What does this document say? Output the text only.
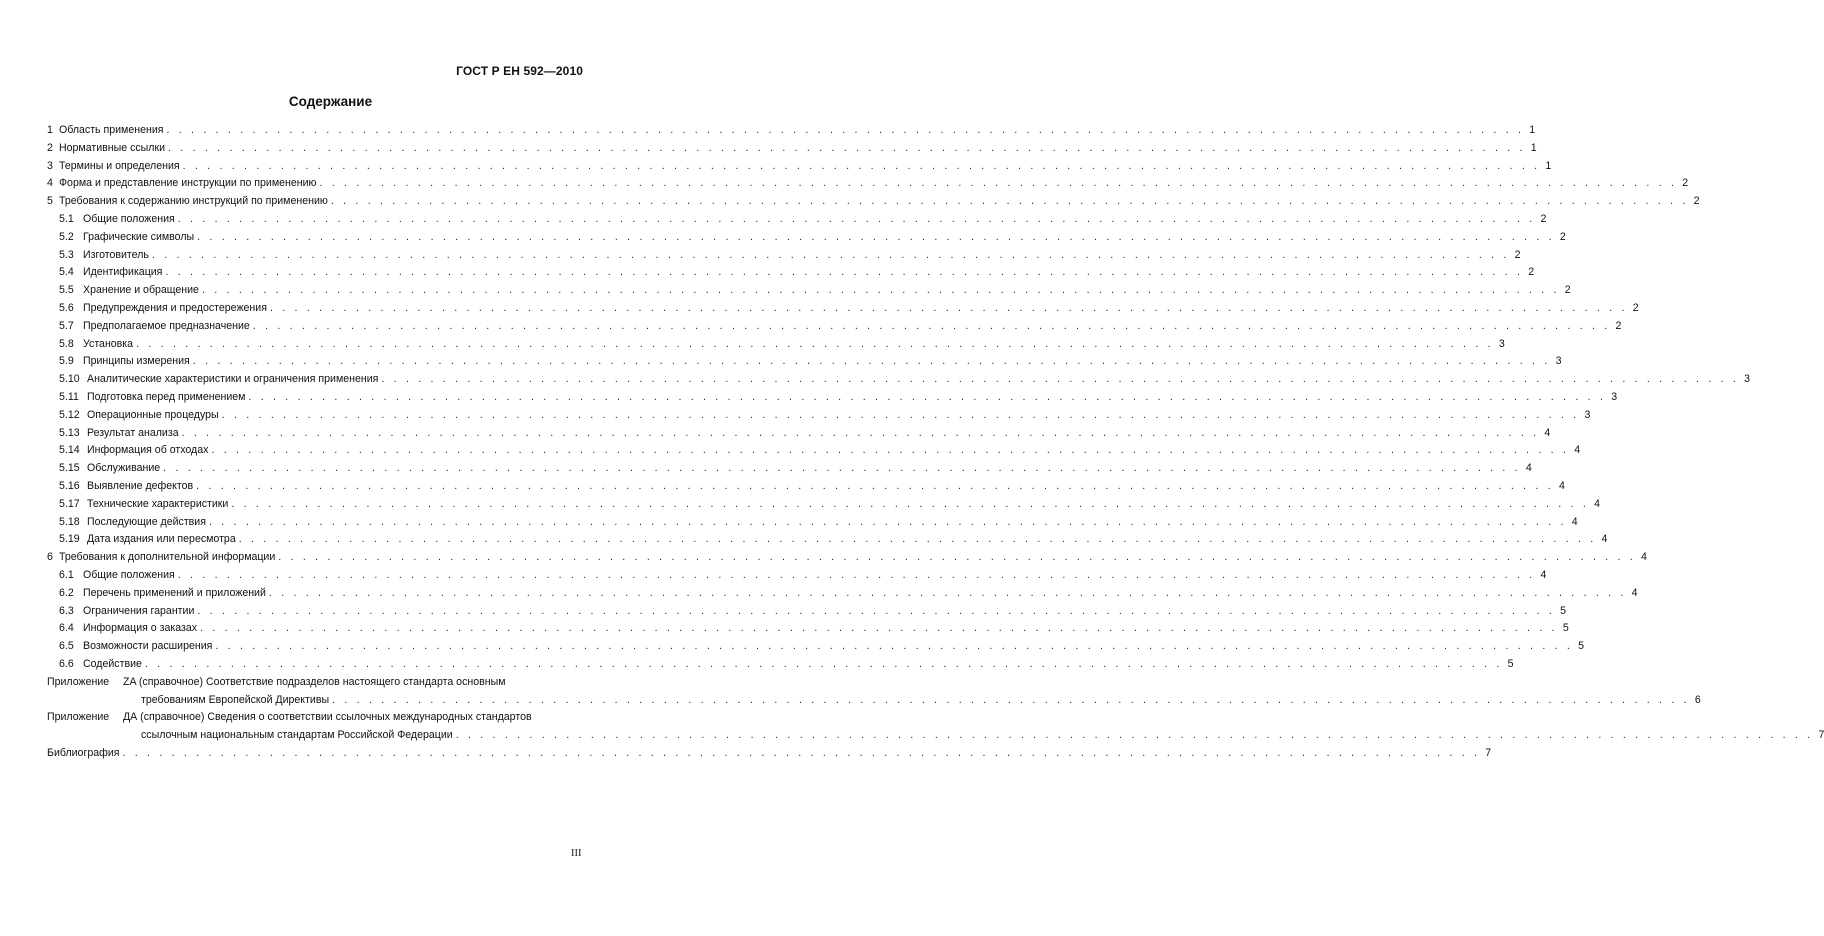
ГОСТ Р ЕН 592—2010
Содержание
1 Область применения . . . . . . . . . . . . . . . . . . . . . . . . . . . . . . . . . . . . . . . . . . . . . . . . . . . . . . . . . . . . . . . . . . . . . . . . . . . . . . . . . . . . . . . . . . . . . . . . . . . . . . . . . . . . . . . 1
2 Нормативные ссылки . . . . . . . . . . . . . . . . . . . . . . . . . . . . . . . . . . . . . . . . . . . . . . . . . . . . . . . . . . . . . . . . . . . . . . . . . . . . . . . . . . . . . . . . . . . . . . . . . . . . . . . . . . . . . . . 1
3 Термины и определения . . . . . . . . . . . . . . . . . . . . . . . . . . . . . . . . . . . . . . . . . . . . . . . . . . . . . . . . . . . . . . . . . . . . . . . . . . . . . . . . . . . . . . . . . . . . . . . . . . . . . . . . . . . . . . . 1
4 Форма и представление инструкции по применению . . . . . . . . . . . . . . . . . . . . . . . . . . . . . . . . . . . . . . . . . . . . . . . . . . . . . . . . . . . . . . . . . . . . . . . . . . . . . . . . . . . . . . . . . . . . . . . . . . . . . . . . . . . . . . . 2
5 Требования к содержанию инструкций по применению . . . . . . . . . . . . . . . . . . . . . . . . . . . . . . . . . . . . . . . . . . . . . . . . . . . . . . . . . . . . . . . . . . . . . . . . . . . . . . . . . . . . . . . . . . . . . . . . . . . . . . . . . . . . . . . 2
5.1 Общие положения . . . . . . . . . . . . . . . . . . . . . . . . . . . . . . . . . . . . . . . . . . . . . . . . . . . . . . . . . . . . . . . . . . . . . . . . . . . . . . . . . . . . . . . . . . . . . . . . . . . . . . . . . . . . . . . 2
5.2 Графические символы . . . . . . . . . . . . . . . . . . . . . . . . . . . . . . . . . . . . . . . . . . . . . . . . . . . . . . . . . . . . . . . . . . . . . . . . . . . . . . . . . . . . . . . . . . . . . . . . . . . . . . . . . . . . . . . 2
5.3 Изготовитель . . . . . . . . . . . . . . . . . . . . . . . . . . . . . . . . . . . . . . . . . . . . . . . . . . . . . . . . . . . . . . . . . . . . . . . . . . . . . . . . . . . . . . . . . . . . . . . . . . . . . . . . . . . . . . . 2
5.4 Идентификация . . . . . . . . . . . . . . . . . . . . . . . . . . . . . . . . . . . . . . . . . . . . . . . . . . . . . . . . . . . . . . . . . . . . . . . . . . . . . . . . . . . . . . . . . . . . . . . . . . . . . . . . . . . . . . . 2
5.5 Хранение и обращение . . . . . . . . . . . . . . . . . . . . . . . . . . . . . . . . . . . . . . . . . . . . . . . . . . . . . . . . . . . . . . . . . . . . . . . . . . . . . . . . . . . . . . . . . . . . . . . . . . . . . . . . . . . . . . . 2
5.6 Предупреждения и предостережения . . . . . . . . . . . . . . . . . . . . . . . . . . . . . . . . . . . . . . . . . . . . . . . . . . . . . . . . . . . . . . . . . . . . . . . . . . . . . . . . . . . . . . . . . . . . . . . . . . . . . . . . . . . . . . . 2
5.7 Предполагаемое предназначение . . . . . . . . . . . . . . . . . . . . . . . . . . . . . . . . . . . . . . . . . . . . . . . . . . . . . . . . . . . . . . . . . . . . . . . . . . . . . . . . . . . . . . . . . . . . . . . . . . . . . . . . . . . . . . . 2
5.8 Установка . . . . . . . . . . . . . . . . . . . . . . . . . . . . . . . . . . . . . . . . . . . . . . . . . . . . . . . . . . . . . . . . . . . . . . . . . . . . . . . . . . . . . . . . . . . . . . . . . . . . . . . . . . . . . . . 3
5.9 Принципы измерения . . . . . . . . . . . . . . . . . . . . . . . . . . . . . . . . . . . . . . . . . . . . . . . . . . . . . . . . . . . . . . . . . . . . . . . . . . . . . . . . . . . . . . . . . . . . . . . . . . . . . . . . . . . . . . . 3
5.10 Аналитические характеристики и ограничения применения . . . . . . . . . . . . . . . . . . . . . . . . . . . . . . . . . . . . . . . . . . . . . . . . . . . . . . . . . . . . . . . . . . . . . . . . . . . . . . . . . . . . . . . . . . . . . . . . . . . . . . . . . . . . . . . 3
5.11 Подготовка перед применением . . . . . . . . . . . . . . . . . . . . . . . . . . . . . . . . . . . . . . . . . . . . . . . . . . . . . . . . . . . . . . . . . . . . . . . . . . . . . . . . . . . . . . . . . . . . . . . . . . . . . . . . . . . . . . . 3
5.12 Операционные процедуры . . . . . . . . . . . . . . . . . . . . . . . . . . . . . . . . . . . . . . . . . . . . . . . . . . . . . . . . . . . . . . . . . . . . . . . . . . . . . . . . . . . . . . . . . . . . . . . . . . . . . . . . . . . . . . . 3
5.13 Результат анализа . . . . . . . . . . . . . . . . . . . . . . . . . . . . . . . . . . . . . . . . . . . . . . . . . . . . . . . . . . . . . . . . . . . . . . . . . . . . . . . . . . . . . . . . . . . . . . . . . . . . . . . . . . . . . . . 4
5.14 Информация об отходах . . . . . . . . . . . . . . . . . . . . . . . . . . . . . . . . . . . . . . . . . . . . . . . . . . . . . . . . . . . . . . . . . . . . . . . . . . . . . . . . . . . . . . . . . . . . . . . . . . . . . . . . . . . . . . . 4
5.15 Обслуживание . . . . . . . . . . . . . . . . . . . . . . . . . . . . . . . . . . . . . . . . . . . . . . . . . . . . . . . . . . . . . . . . . . . . . . . . . . . . . . . . . . . . . . . . . . . . . . . . . . . . . . . . . . . . . . . 4
5.16 Выявление дефектов . . . . . . . . . . . . . . . . . . . . . . . . . . . . . . . . . . . . . . . . . . . . . . . . . . . . . . . . . . . . . . . . . . . . . . . . . . . . . . . . . . . . . . . . . . . . . . . . . . . . . . . . . . . . . . . 4
5.17 Технические характеристики . . . . . . . . . . . . . . . . . . . . . . . . . . . . . . . . . . . . . . . . . . . . . . . . . . . . . . . . . . . . . . . . . . . . . . . . . . . . . . . . . . . . . . . . . . . . . . . . . . . . . . . . . . . . . . . 4
5.18 Последующие действия . . . . . . . . . . . . . . . . . . . . . . . . . . . . . . . . . . . . . . . . . . . . . . . . . . . . . . . . . . . . . . . . . . . . . . . . . . . . . . . . . . . . . . . . . . . . . . . . . . . . . . . . . . . . . . . 4
5.19 Дата издания или пересмотра . . . . . . . . . . . . . . . . . . . . . . . . . . . . . . . . . . . . . . . . . . . . . . . . . . . . . . . . . . . . . . . . . . . . . . . . . . . . . . . . . . . . . . . . . . . . . . . . . . . . . . . . . . . . . . . 4
6 Требования к дополнительной информации . . . . . . . . . . . . . . . . . . . . . . . . . . . . . . . . . . . . . . . . . . . . . . . . . . . . . . . . . . . . . . . . . . . . . . . . . . . . . . . . . . . . . . . . . . . . . . . . . . . . . . . . . . . . . . . 4
6.1 Общие положения . . . . . . . . . . . . . . . . . . . . . . . . . . . . . . . . . . . . . . . . . . . . . . . . . . . . . . . . . . . . . . . . . . . . . . . . . . . . . . . . . . . . . . . . . . . . . . . . . . . . . . . . . . . . . . . 4
6.2 Перечень применений и приложений . . . . . . . . . . . . . . . . . . . . . . . . . . . . . . . . . . . . . . . . . . . . . . . . . . . . . . . . . . . . . . . . . . . . . . . . . . . . . . . . . . . . . . . . . . . . . . . . . . . . . . . . . . . . . . . 4
6.3 Ограничения гарантии . . . . . . . . . . . . . . . . . . . . . . . . . . . . . . . . . . . . . . . . . . . . . . . . . . . . . . . . . . . . . . . . . . . . . . . . . . . . . . . . . . . . . . . . . . . . . . . . . . . . . . . . . . . . . . . 5
6.4 Информация о заказах . . . . . . . . . . . . . . . . . . . . . . . . . . . . . . . . . . . . . . . . . . . . . . . . . . . . . . . . . . . . . . . . . . . . . . . . . . . . . . . . . . . . . . . . . . . . . . . . . . . . . . . . . . . . . . . 5
6.5 Возможности расширения . . . . . . . . . . . . . . . . . . . . . . . . . . . . . . . . . . . . . . . . . . . . . . . . . . . . . . . . . . . . . . . . . . . . . . . . . . . . . . . . . . . . . . . . . . . . . . . . . . . . . . . . . . . . . . . 5
6.6 Содействие . . . . . . . . . . . . . . . . . . . . . . . . . . . . . . . . . . . . . . . . . . . . . . . . . . . . . . . . . . . . . . . . . . . . . . . . . . . . . . . . . . . . . . . . . . . . . . . . . . . . . . . . . . . . . . . 5
Приложение	ZA (справочное) Соответствие подразделов настоящего стандарта основным
требованиям Европейской Директивы . . . . . . . . . . . . . . . . . . . . . . . . . . . . . . . . . . . . . . . . . . . . . . . . . . . . . . . . . . . . . . . . . . . . . . . . . . . . . . . . . . . . . . . . . . . . . . . . . . . . . . . . . . . . . . . 6
Приложение	ДА (справочное) Сведения о соответствии ссылочных международных стандартов
ссылочным национальным стандартам Российской Федерации . . . . . . . . . . . . . . . . . . . . . . . . . . . . . . . . . . . . . . . . . . . . . . . . . . . . . . . . . . . . . . . . . . . . . . . . . . . . . . . . . . . . . . . . . . . . . . . . . . . . . . . . . . . . . . . 7
Библиография . . . . . . . . . . . . . . . . . . . . . . . . . . . . . . . . . . . . . . . . . . . . . . . . . . . . . . . . . . . . . . . . . . . . . . . . . . . . . . . . . . . . . . . . . . . . . . . . . . . . . . . . . . . . . . . 7
III
